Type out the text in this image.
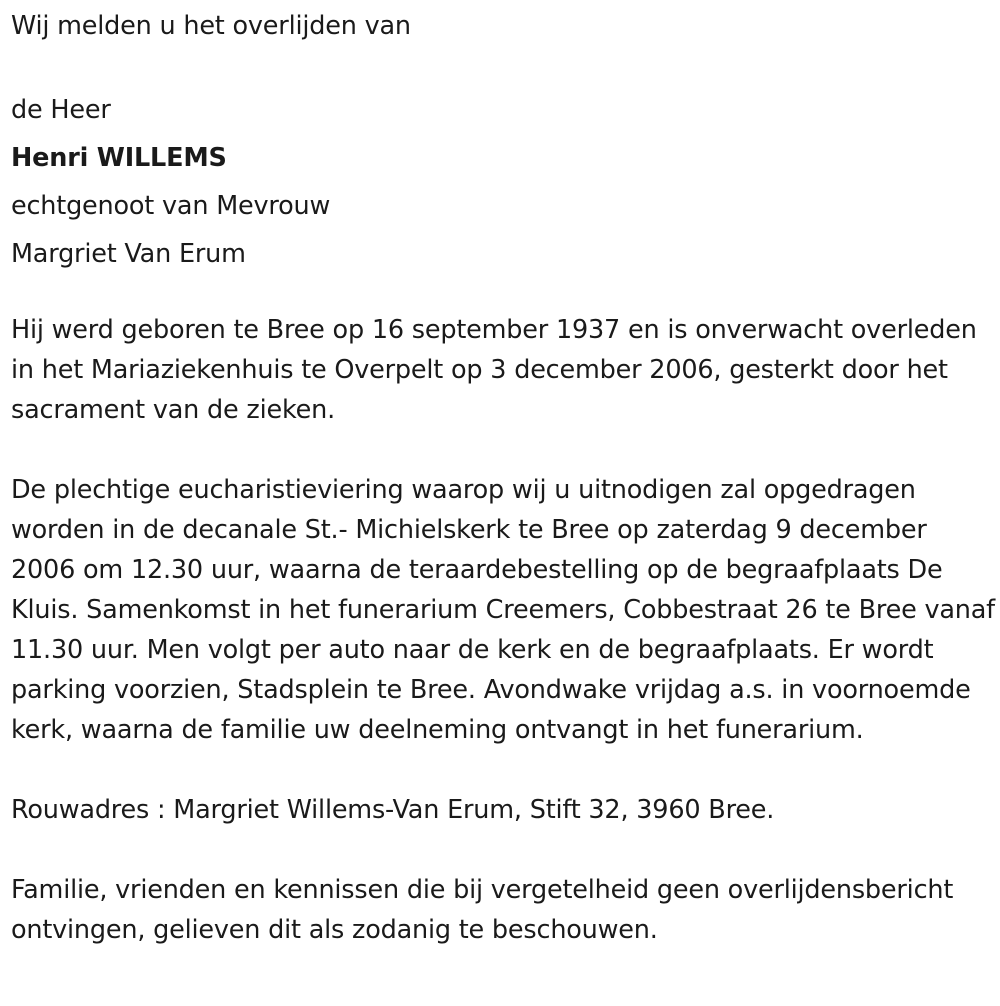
Wij melden u het overlijden van

de Heer

Henri WILLEMS

echtgenoot van Mevrouw

Margriet Van Erum

Hij werd geboren te Bree op 16 september 1937 en is onverwacht overleden in het Mariaziekenhuis te Overpelt op 3 december 2006, gesterkt door het sacrament van de zieken.

De plechtige eucharistieviering waarop wij u uitnodigen zal opgedragen worden in de decanale St.- Michielskerk te Bree op zaterdag 9 december 2006 om 12.30 uur, waarna de teraardebestelling op de begraafplaats De Kluis. Samenkomst in het funerarium Creemers, Cobbestraat 26 te Bree vanaf 11.30 uur. Men volgt per auto naar de kerk en de begraafplaats. Er wordt parking voorzien, Stadsplein te Bree. Avondwake vrijdag a.s. in voornoemde kerk, waarna de familie uw deelneming ontvangt in het funerarium.

Rouwadres : Margriet Willems-Van Erum, Stift 32, 3960 Bree.

Familie, vrienden en kennissen die bij vergetelheid geen overlijdensbericht ontvingen, gelieven dit als zodanig te beschouwen.
